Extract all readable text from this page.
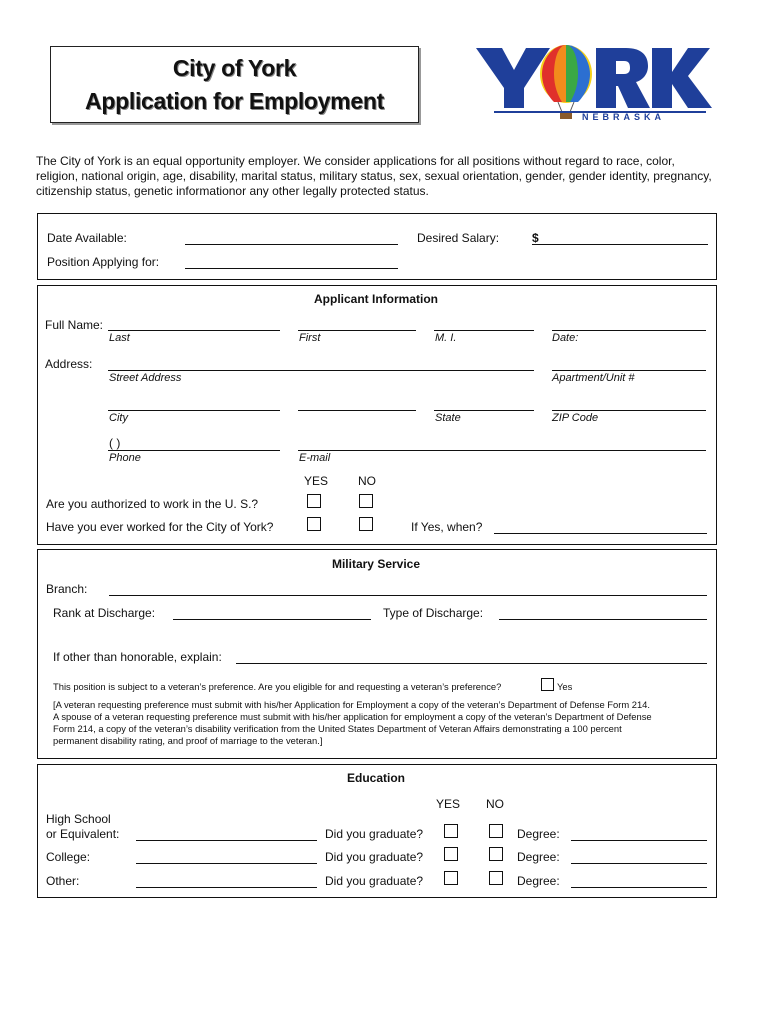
City of York
Application for Employment
NEBRASKA
The City of York is an equal opportunity employer. We consider applications for all positions without regard to race, color,
religion, national origin, age, disability, marital status, military status, sex, sexual orientation, gender, gender identity, pregnancy,
citizenship status, genetic informationor any other legally protected status.
Date Available:	Desired Salary:	$
Position Applying for:
Applicant Information
Full Name:
Last	First	M. I.	Date:
Address:
Street Address	Apartment/Unit #
City	State	ZIP Code
( )
Phone	E-mail
YES NO
Are you authorized to work in the U. S.?
Have you ever worked for the City of York?	If Yes, when?
Military Service
Branch:
Rank at Discharge:	Type of Discharge:
If other than honorable, explain:
This position is subject to a veteran’s preference. Are you eligible for and requesting a veteran’s preference?	Yes
[A veteran requesting preference must submit with his/her Application for Employment a copy of the veteran’s Department of Defense Form 214.
A spouse of a veteran requesting preference must submit with his/her application for employment a copy of the veteran’s Department of Defense
Form 214, a copy of the veteran’s disability verification from the United States Department of Veteran Affairs demonstrating a 100 percent
permanent disability rating, and proof of marriage to the veteran.]
Education
YES NO
High School
or Equivalent:	Did you graduate?	Degree:
College:	Did you graduate?	Degree:
Other:	Did you graduate?	Degree:
